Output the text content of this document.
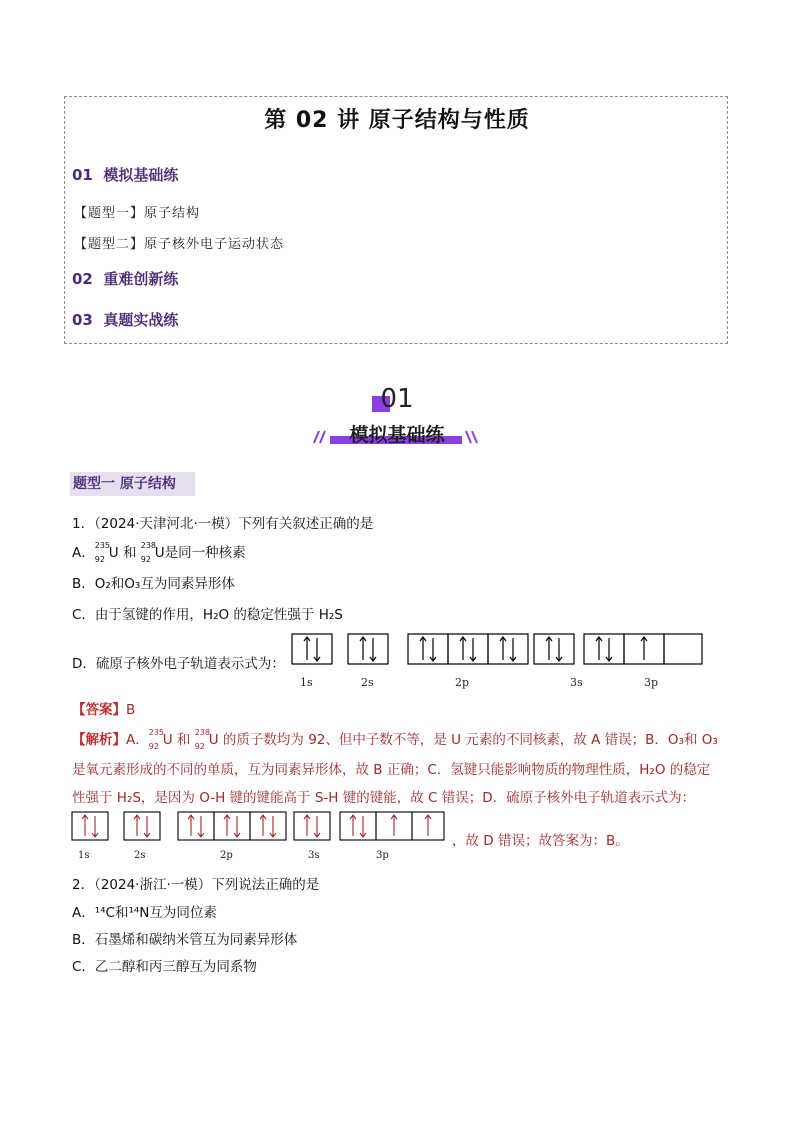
第 02 讲 原子结构与性质
01 模拟基础练
【题型一】原子结构
【题型二】原子核外电子运动状态
02 重难创新练
03 真题实战练
01
模拟基础练
题型一 原子结构
1．（2024·天津河北·一模）下列有关叙述正确的是
A． 235
92 U 和 238
92 U是同一种核素
B．O₂和O₃互为同素异形体
C．由于氢键的作用，H₂O 的稳定性强于 H₂S
D．硫原子核外电子轨道表示式为：
1s	2s	2p	3s	3p
【答案】B
【解析】A． 235
92 U 和 238
92 U 的质子数均为 92、但中子数不等，是 U 元素的不同核素，故 A 错误；B．O₃和 O₃
是氧元素形成的不同的单质，互为同素异形体，故 B 正确；C．氢键只能影响物质的物理性质，H₂O 的稳定
性强于 H₂S，是因为 O-H 键的键能高于 S-H 键的键能，故 C 错误；D．硫原子核外电子轨道表示式为：
1s	2s	2p	3s	3p
，故 D 错误；故答案为：B。
2．（2024·浙江·一模）下列说法正确的是
A．¹⁴C和¹⁴N互为同位素
B．石墨烯和碳纳米管互为同素异形体
C．乙二醇和丙三醇互为同系物
